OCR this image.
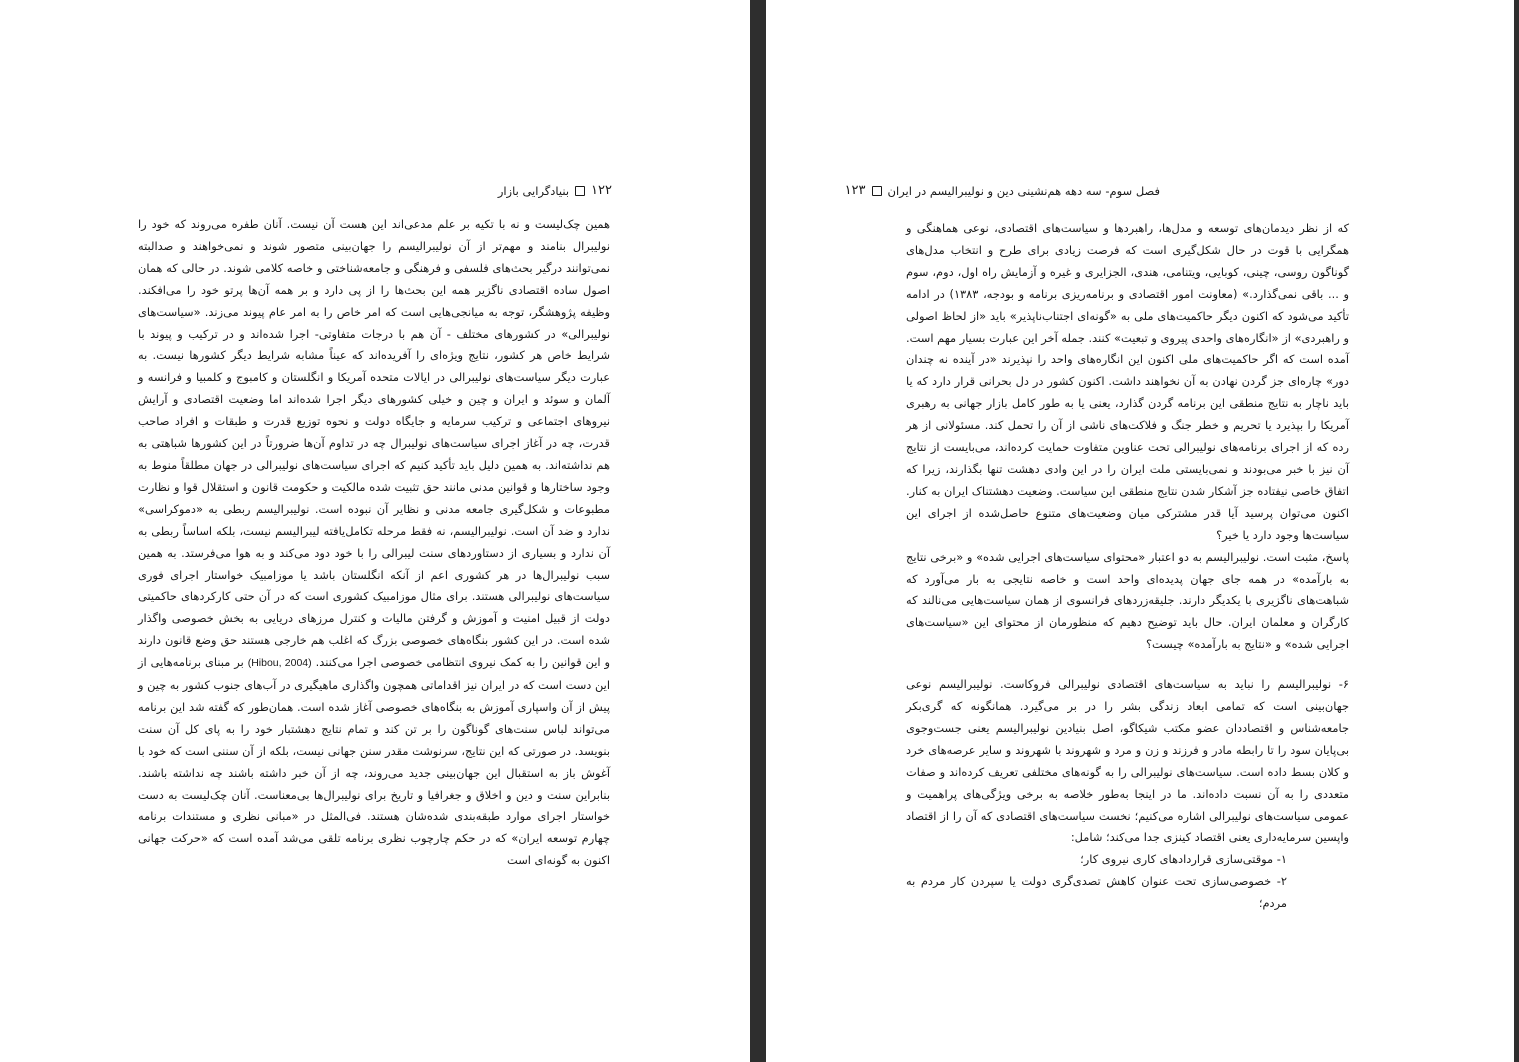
۱۲۲
بنیادگرایی بازار

همین چک‌لیست و نه با تکیه بر علم مدعی‌اند این هست آن نیست. آنان طفره می‌روند که خود را نولیبرال بنامند و مهم‌تر از آن نولیبرالیسم را جهان‌بینی متصور شوند و نمی‌خواهند و صدالبته نمی‌توانند درگیر بحث‌های فلسفی و فرهنگی و جامعه‌شناختی و خاصه کلامی شوند. در حالی که همان اصول ساده اقتصادی ناگزیر همه این بحث‌ها را از پی دارد و بر همه آن‌ها پرتو خود را می‌افکند. وظیفه پژوهشگر، توجه به میانجی‌هایی است که امر خاص را به امر عام پیوند می‌زند. «سیاست‌های نولیبرالی» در کشورهای مختلف - آن هم با درجات متفاوتی- اجرا شده‌اند و در ترکیب و پیوند با شرایط خاص هر کشور، نتایج ویژه‌ای را آفریده‌اند که عیناً مشابه شرایط دیگر کشورها نیست. به عبارت دیگر سیاست‌های نولیبرالی در ایالات متحده آمریکا و انگلستان و کامبوج و کلمبیا و فرانسه و آلمان و سوئد و ایران و چین و خیلی کشورهای دیگر اجرا شده‌اند اما وضعیت اقتصادی و آرایش نیروهای اجتماعی و ترکیب سرمایه و جایگاه دولت و نحوه توزیع قدرت و طبقات و افراد صاحب قدرت، چه در آغاز اجرای سیاست‌های نولیبرال چه در تداوم آن‌ها ضرورتاً در این کشورها شباهتی به هم نداشته‌اند. به همین دلیل باید تأکید کنیم که اجرای سیاست‌های نولیبرالی در جهان مطلقاً منوط به وجود ساختارها و قوانین مدنی مانند حق تثبیت شده مالکیت و حکومت قانون و استقلال قوا و نظارت مطبوعات و شکل‌گیری جامعه مدنی و نظایر آن نبوده است. نولیبرالیسم ربطی به «دموکراسی» ندارد و ضد آن است. نولیبرالیسم، نه فقط مرحله تکامل‌یافته لیبرالیسم نیست، بلکه اساساً ربطی به آن ندارد و بسیاری از دستاوردهای سنت لیبرالی را با خود دود می‌کند و به هوا می‌فرستد. به همین سبب نولیبرال‌ها در هر کشوری اعم از آنکه انگلستان باشد یا موزامبیک خواستار اجرای فوری سیاست‌های نولیبرالی هستند. برای مثال موزامبیک کشوری است که در آن حتی کارکردهای حاکمیتی دولت از قبیل امنیت و آموزش و گرفتن مالیات و کنترل مرزهای دریایی به بخش خصوصی واگذار شده است. در این کشور بنگاه‌های خصوصی بزرگ که اغلب هم خارجی هستند حق وضع قانون دارند و این قوانین را به کمک نیروی انتظامی خصوصی اجرا می‌کنند. (Hibou, 2004) بر مبنای برنامه‌هایی از این دست است که در ایران نیز اقداماتی همچون واگذاری ماهیگیری در آب‌های جنوب کشور به چین و پیش از آن واسپاری آموزش به بنگاه‌های خصوصی آغاز شده است. همان‌طور که گفته شد این برنامه می‌تواند لباس سنت‌های گوناگون را بر تن کند و تمام نتایج دهشتبار خود را به پای کل آن سنت بنویسد. در صورتی که این نتایج، سرنوشت مقدر سنن جهانی نیست، بلکه از آن سننی است که خود با آغوش باز به استقبال این جهان‌بینی جدید می‌روند، چه از آن خبر داشته باشند چه نداشته باشند. بنابراین سنت و دین و اخلاق و جغرافیا و تاریخ برای نولیبرال‌ها بی‌معناست. آنان چک‌لیست به دست خواستار اجرای موارد طبقه‌بندی شده‌شان هستند. فی‌المثل در «مبانی نظری و مستندات برنامه چهارم توسعه ایران» که در حکم چارچوب نظری برنامه تلقی می‌شد آمده است که «حرکت جهانی اکنون به گونه‌ای است

فصل سوم- سه دهه هم‌نشینی دین و نولیبرالیسم در ایران
۱۲۳

که از نظر دیدمان‌های توسعه و مدل‌ها، راهبردها و سیاست‌های اقتصادی، نوعی هماهنگی و همگرایی با قوت در حال شکل‌گیری است که فرصت زیادی برای طرح و انتخاب مدل‌های گوناگون روسی، چینی، کوبایی، ویتنامی، هندی، الجزایری و غیره و آزمایش راه اول، دوم، سوم و ... باقی نمی‌گذارد.» (معاونت امور اقتصادی و برنامه‌ریزی برنامه و بودجه، ۱۳۸۳) در ادامه تأکید می‌شود که اکنون دیگر حاکمیت‌های ملی به «گونه‌ای اجتناب‌ناپذیر» باید «از لحاظ اصولی و راهبردی» از «انگاره‌های واحدی پیروی و تبعیت» کنند. جمله آخر این عبارت بسیار مهم است. آمده است که اگر حاکمیت‌های ملی اکنون این انگاره‌های واحد را نپذیرند «در آینده نه چندان دور» چاره‌ای جز گردن نهادن به آن نخواهند داشت. اکنون کشور در دل بحرانی قرار دارد که یا باید ناچار به نتایج منطقی این برنامه گردن گذارد، یعنی یا به طور کامل بازار جهانی به رهبری آمریکا را بپذیرد یا تحریم و خطر جنگ و فلاکت‌های ناشی از آن را تحمل کند. مسئولانی از هر رده که از اجرای برنامه‌های نولیبرالی تحت عناوین متفاوت حمایت کرده‌اند، می‌بایست از نتایج آن نیز با خبر می‌بودند و نمی‌بایستی ملت ایران را در این وادی دهشت تنها بگذارند، زیرا که اتفاق خاصی نیفتاده جز آشکار شدن نتایج منطقی این سیاست. وضعیت دهشتناک ایران به کنار. اکنون می‌توان پرسید آیا قدر مشترکی میان وضعیت‌های متنوع حاصل‌شده از اجرای این سیاست‌ها وجود دارد یا خیر؟

پاسخ، مثبت است. نولیبرالیسم به دو اعتبار «محتوای سیاست‌های اجرایی شده» و «برخی نتایج به بارآمده» در همه جای جهان پدیده‌ای واحد است و خاصه نتایجی به بار می‌آورد که شباهت‌های ناگزیری با یکدیگر دارند. جلیقه‌زردهای فرانسوی از همان سیاست‌هایی می‌نالند که کارگران و معلمان ایران. حال باید توضیح دهیم که منظورمان از محتوای این «سیاست‌های اجرایی شده» و «نتایج به بارآمده» چیست؟

۶- نولیبرالیسم را نباید به سیاست‌های اقتصادی نولیبرالی فروکاست. نولیبرالیسم نوعی جهان‌بینی است که تمامی ابعاد زندگی بشر را در بر می‌گیرد. همانگونه که گری‌بکر جامعه‌شناس و اقتصاددان عضو مکتب شیکاگو، اصل بنیادین نولیبرالیسم یعنی جست‌وجوی بی‌پایان سود را تا رابطه مادر و فرزند و زن و مرد و شهروند با شهروند و سایر عرصه‌های خرد و کلان بسط داده است. سیاست‌های نولیبرالی را به گونه‌های مختلفی تعریف کرده‌اند و صفات متعددی را به آن نسبت داده‌اند. ما در اینجا به‌طور خلاصه به برخی ویژگی‌های پراهمیت و عمومی سیاست‌های نولیبرالی اشاره می‌کنیم؛ نخست سیاست‌های اقتصادی که آن را از اقتصاد واپسین سرمایه‌داری یعنی اقتصاد کینزی جدا می‌کند؛ شامل:

۱- موقتی‌سازی قراردادهای کاری نیروی کار؛

۲- خصوصی‌سازی تحت عنوان کاهش تصدی‌گری دولت یا سپردن کار مردم به مردم؛
